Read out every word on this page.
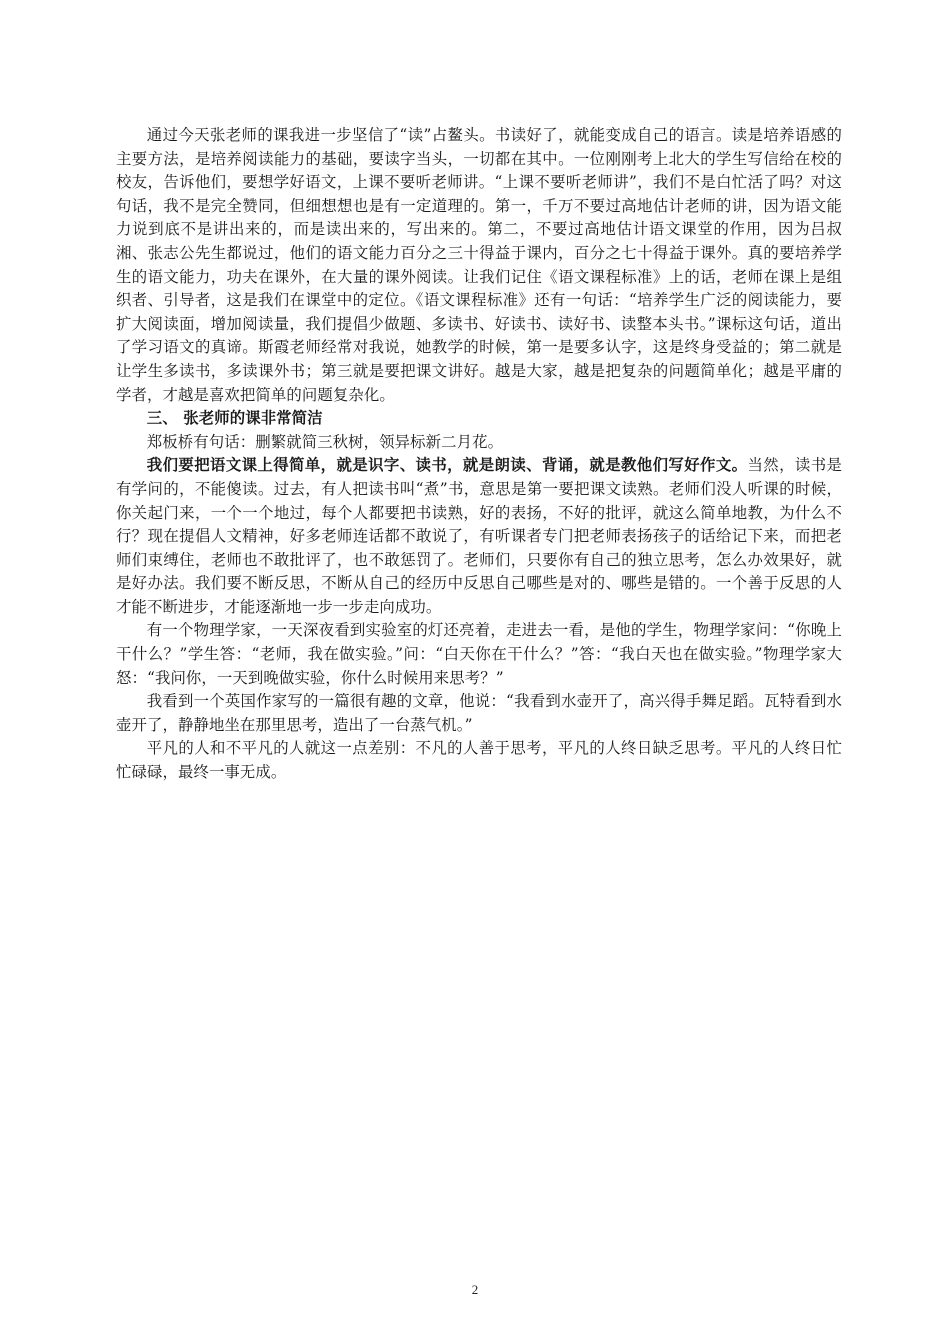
通过今天张老师的课我进一步坚信了“读”占鳌头。书读好了，就能变成自己的语言。读是培养语感的主要方法，是培养阅读能力的基础，要读字当头，一切都在其中。一位刚刚考上北大的学生写信给在校的校友，告诉他们，要想学好语文，上课不要听老师讲。“上课不要听老师讲”，我们不是白忙活了吗？对这句话，我不是完全赞同，但细想想也是有一定道理的。第一，千万不要过高地估计老师的讲，因为语文能力说到底不是讲出来的，而是读出来的，写出来的。第二，不要过高地估计语文课堂的作用，因为吕叔湘、张志公先生都说过，他们的语文能力百分之三十得益于课内，百分之七十得益于课外。真的要培养学生的语文能力，功夫在课外，在大量的课外阅读。让我们记住《语文课程标准》上的话，老师在课上是组织者、引导者，这是我们在课堂中的定位。《语文课程标准》还有一句话：“培养学生广泛的阅读能力，要扩大阅读面，增加阅读量，我们提倡少做题、多读书、好读书、读好书、读整本头书。”课标这句话，道出了学习语文的真谛。斯霞老师经常对我说，她教学的时候，第一是要多认字，这是终身受益的；第二就是让学生多读书，多读课外书；第三就是要把课文讲好。越是大家，越是把复杂的问题简单化；越是平庸的学者，才越是喜欢把简单的问题复杂化。

三、 张老师的课非常简洁

郑板桥有句话：删繁就简三秋树，领异标新二月花。

我们要把语文课上得简单，就是识字、读书，就是朗读、背诵，就是教他们写好作文。当然，读书是有学问的，不能傻读。过去，有人把读书叫“煮”书，意思是第一要把课文读熟。老师们没人听课的时候，你关起门来，一个一个地过，每个人都要把书读熟，好的表扬，不好的批评，就这么简单地教，为什么不行？现在提倡人文精神，好多老师连话都不敢说了，有听课者专门把老师表扬孩子的话给记下来，而把老师们束缚住，老师也不敢批评了，也不敢惩罚了。老师们，只要你有自己的独立思考，怎么办效果好，就是好办法。我们要不断反思，不断从自己的经历中反思自己哪些是对的、哪些是错的。一个善于反思的人才能不断进步，才能逐渐地一步一步走向成功。

有一个物理学家，一天深夜看到实验室的灯还亮着，走进去一看，是他的学生，物理学家问：“你晚上干什么？”学生答：“老师，我在做实验。”问：“白天你在干什么？”答：“我白天也在做实验。”物理学家大怒：“我问你，一天到晚做实验，你什么时候用来思考？”

我看到一个英国作家写的一篇很有趣的文章，他说：“我看到水壶开了，高兴得手舞足蹈。瓦特看到水壶开了，静静地坐在那里思考，造出了一台蒸气机。”

平凡的人和不平凡的人就这一点差别：不凡的人善于思考，平凡的人终日缺乏思考。平凡的人终日忙忙碌碌，最终一事无成。

2
